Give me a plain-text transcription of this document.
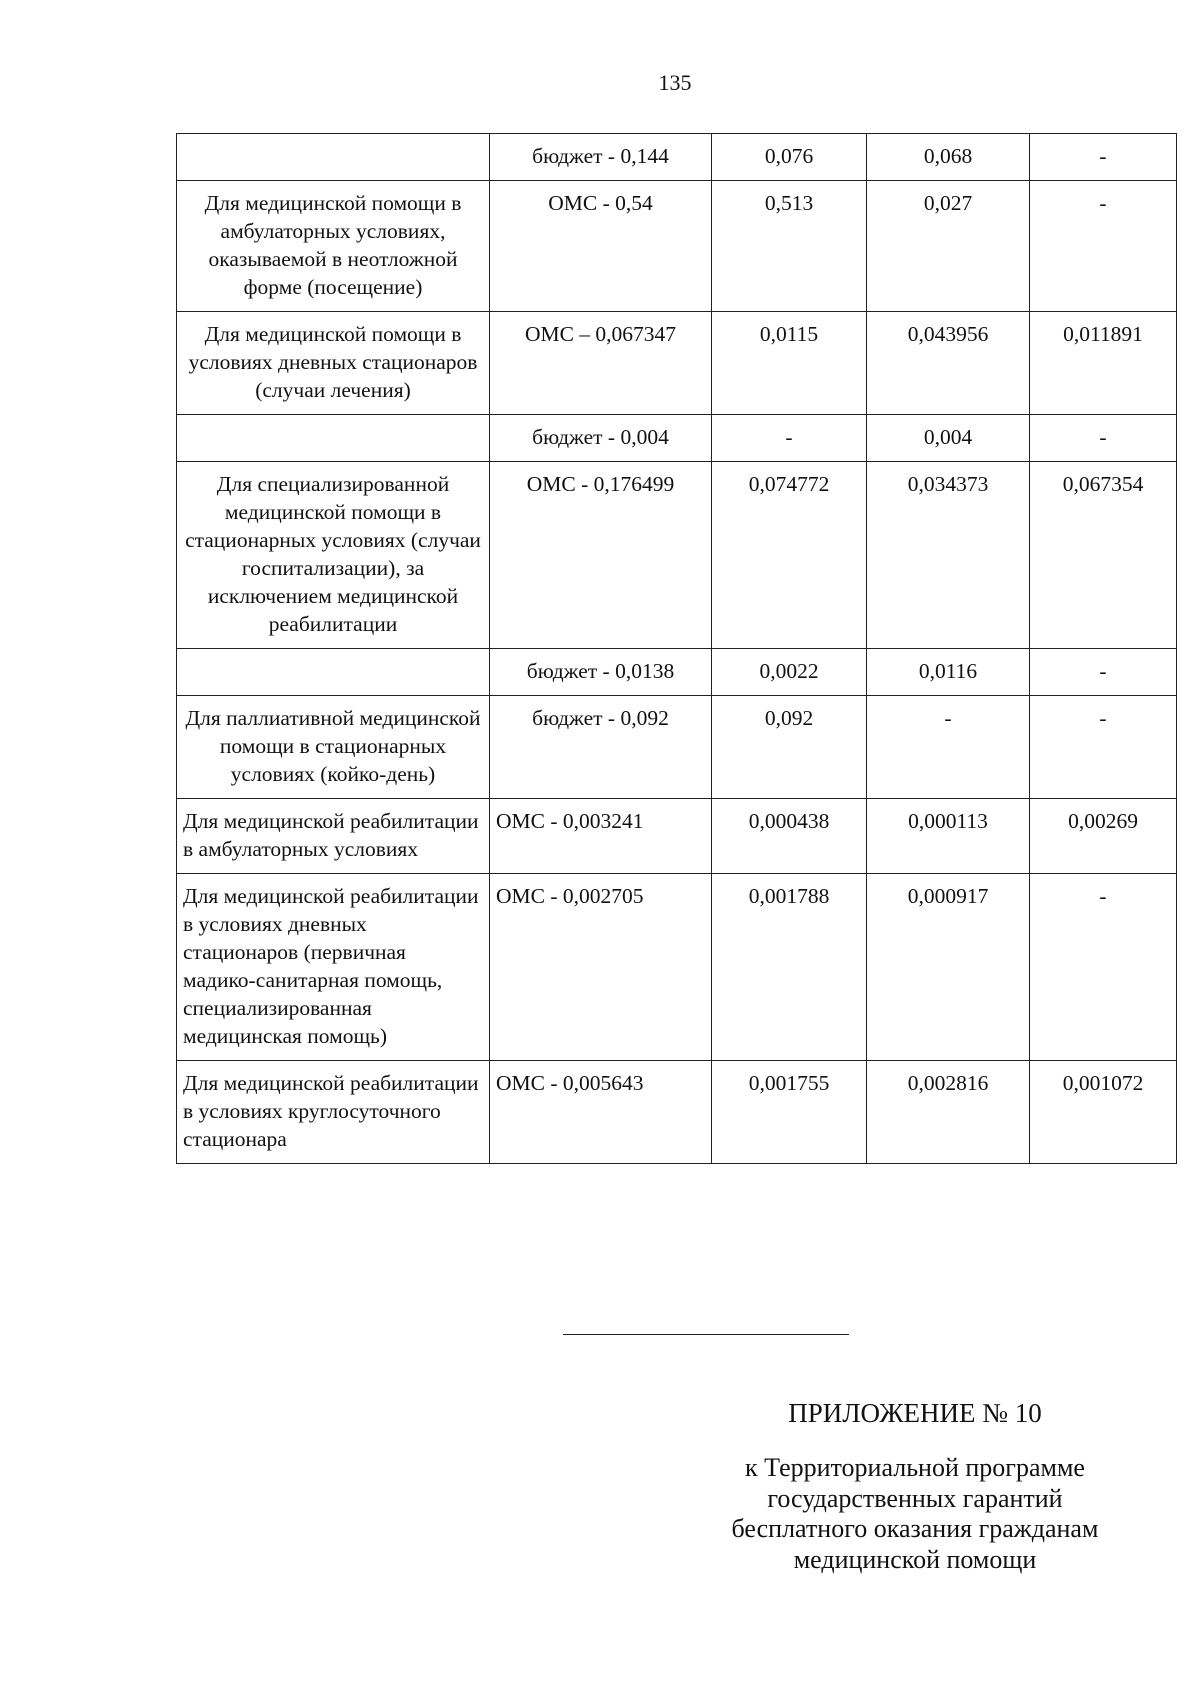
135
	бюджет - 0,144	0,076	0,068	-
Для медицинской помощи в амбулаторных условиях, оказываемой в неотложной форме (посещение)	ОМС - 0,54	0,513	0,027	-
Для медицинской помощи в условиях дневных стационаров (случаи лечения)	ОМС – 0,067347	0,0115	0,043956	0,011891
	бюджет - 0,004	-	0,004	-
Для специализированной медицинской помощи в стационарных условиях (случаи госпитализации), за исключением медицинской реабилитации	ОМС - 0,176499	0,074772	0,034373	0,067354
	бюджет - 0,0138	0,0022	0,0116	-
Для паллиативной медицинской помощи в стационарных условиях (койко-день)	бюджет - 0,092	0,092	-	-
Для медицинской реабилитации в амбулаторных условиях	ОМС - 0,003241	0,000438	0,000113	0,00269
Для медицинской реабилитации в условиях дневных стационаров (первичная мадико-санитарная помощь, специализированная медицинская помощь)	ОМС - 0,002705	0,001788	0,000917	-
Для медицинской реабилитации в условиях круглосуточного стационара	ОМС - 0,005643	0,001755	0,002816	0,001072
ПРИЛОЖЕНИЕ № 10
к Территориальной программе
государственных гарантий
бесплатного оказания гражданам
медицинской помощи
